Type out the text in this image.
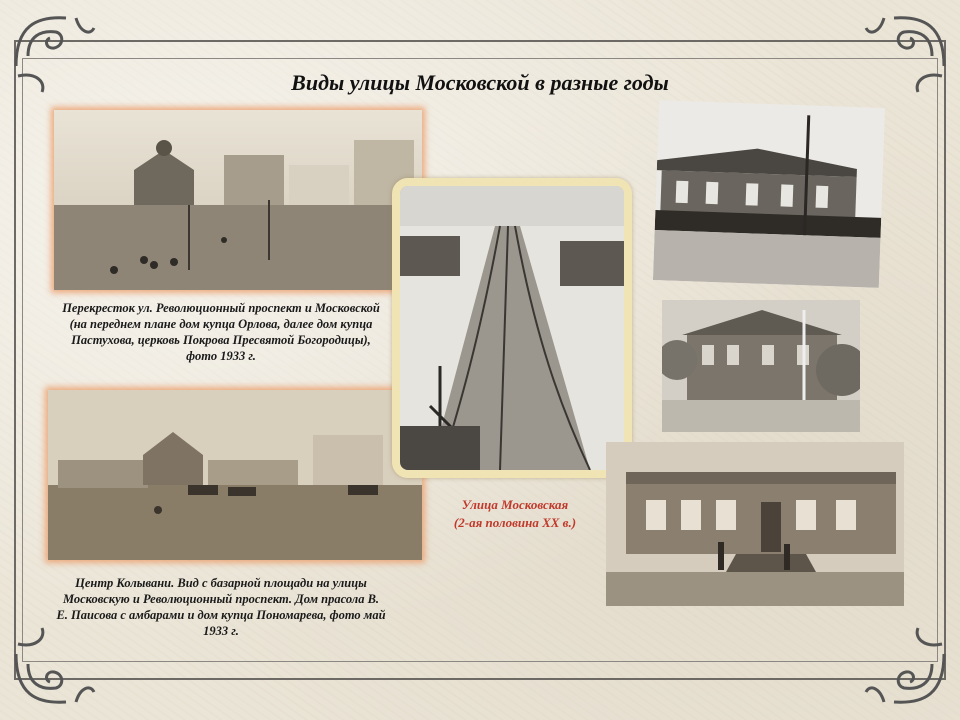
Виды улицы Московской в разные годы
Перекресток ул. Революционный проспект и Московской (на переднем плане дом купца Орлова, далее дом купца Пастухова, церковь Покрова Пресвятой Богородицы), фото 1933 г.
Центр Колывани. Вид с базарной площади на улицы Московскую и Революционный проспект. Дом прасола В. Е. Паисова с амбарами и дом купца Пономарева, фото май 1933 г.
Улица Московская
(2-ая половина XX в.)
